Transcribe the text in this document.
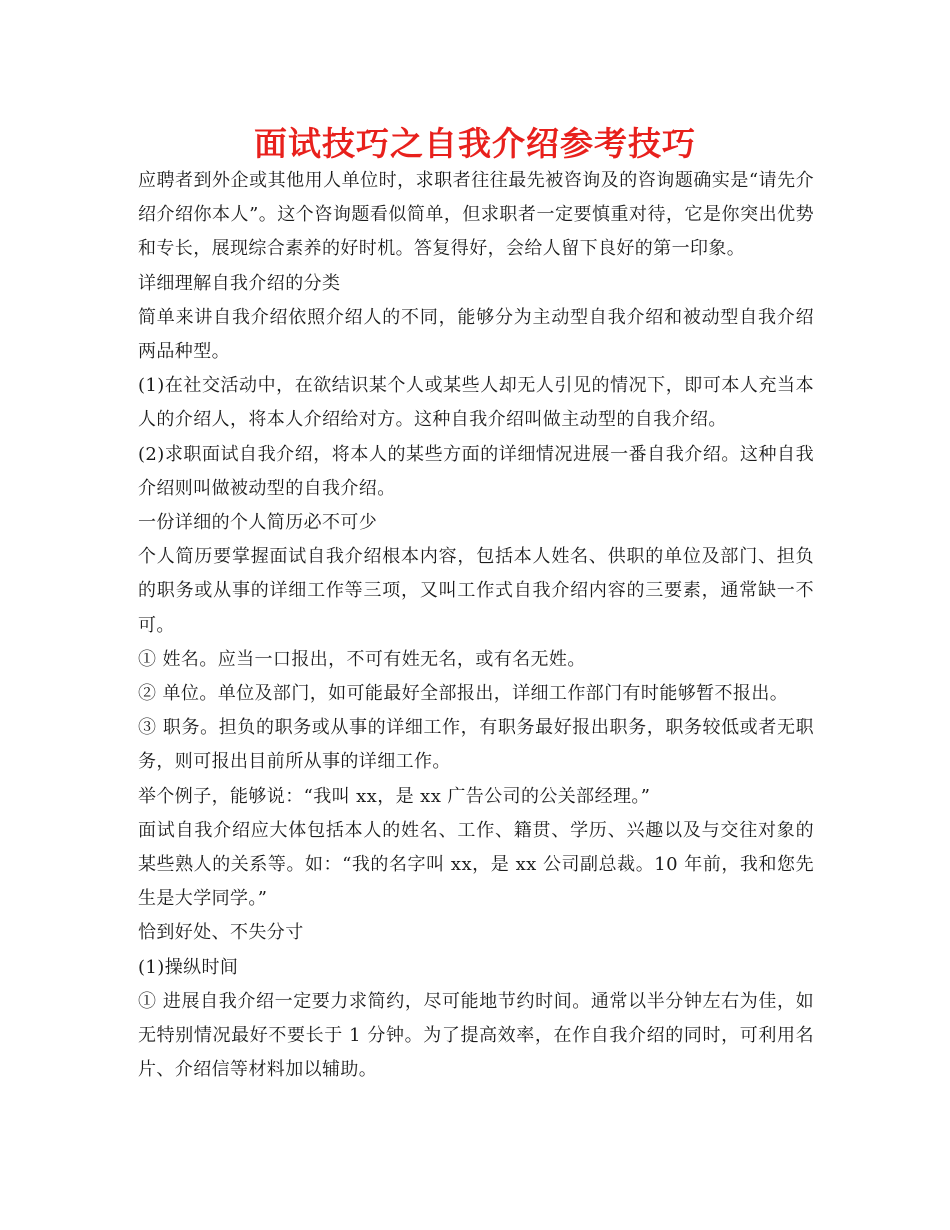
面试技巧之自我介绍参考技巧

应聘者到外企或其他用人单位时，求职者往往最先被咨询及的咨询题确实是“请先介绍介绍你本人”。这个咨询题看似简单，但求职者一定要慎重对待，它是你突出优势和专长，展现综合素养的好时机。答复得好，会给人留下良好的第一印象。

详细理解自我介绍的分类

简单来讲自我介绍依照介绍人的不同，能够分为主动型自我介绍和被动型自我介绍两品种型。

(1)在社交活动中，在欲结识某个人或某些人却无人引见的情况下，即可本人充当本人的介绍人，将本人介绍给对方。这种自我介绍叫做主动型的自我介绍。

(2)求职面试自我介绍，将本人的某些方面的详细情况进展一番自我介绍。这种自我介绍则叫做被动型的自我介绍。

一份详细的个人简历必不可少

个人简历要掌握面试自我介绍根本内容，包括本人姓名、供职的单位及部门、担负的职务或从事的详细工作等三项，又叫工作式自我介绍内容的三要素，通常缺一不可。

① 姓名。应当一口报出，不可有姓无名，或有名无姓。

② 单位。单位及部门，如可能最好全部报出，详细工作部门有时能够暂不报出。

③ 职务。担负的职务或从事的详细工作，有职务最好报出职务，职务较低或者无职务，则可报出目前所从事的详细工作。

举个例子，能够说：“我叫 xx，是 xx 广告公司的公关部经理。”

面试自我介绍应大体包括本人的姓名、工作、籍贯、学历、兴趣以及与交往对象的某些熟人的关系等。如：“我的名字叫 xx，是 xx 公司副总裁。10 年前，我和您先生是大学同学。”

恰到好处、不失分寸

(1)操纵时间

① 进展自我介绍一定要力求简约，尽可能地节约时间。通常以半分钟左右为佳，如无特别情况最好不要长于 1 分钟。为了提高效率，在作自我介绍的同时，可利用名片、介绍信等材料加以辅助。
